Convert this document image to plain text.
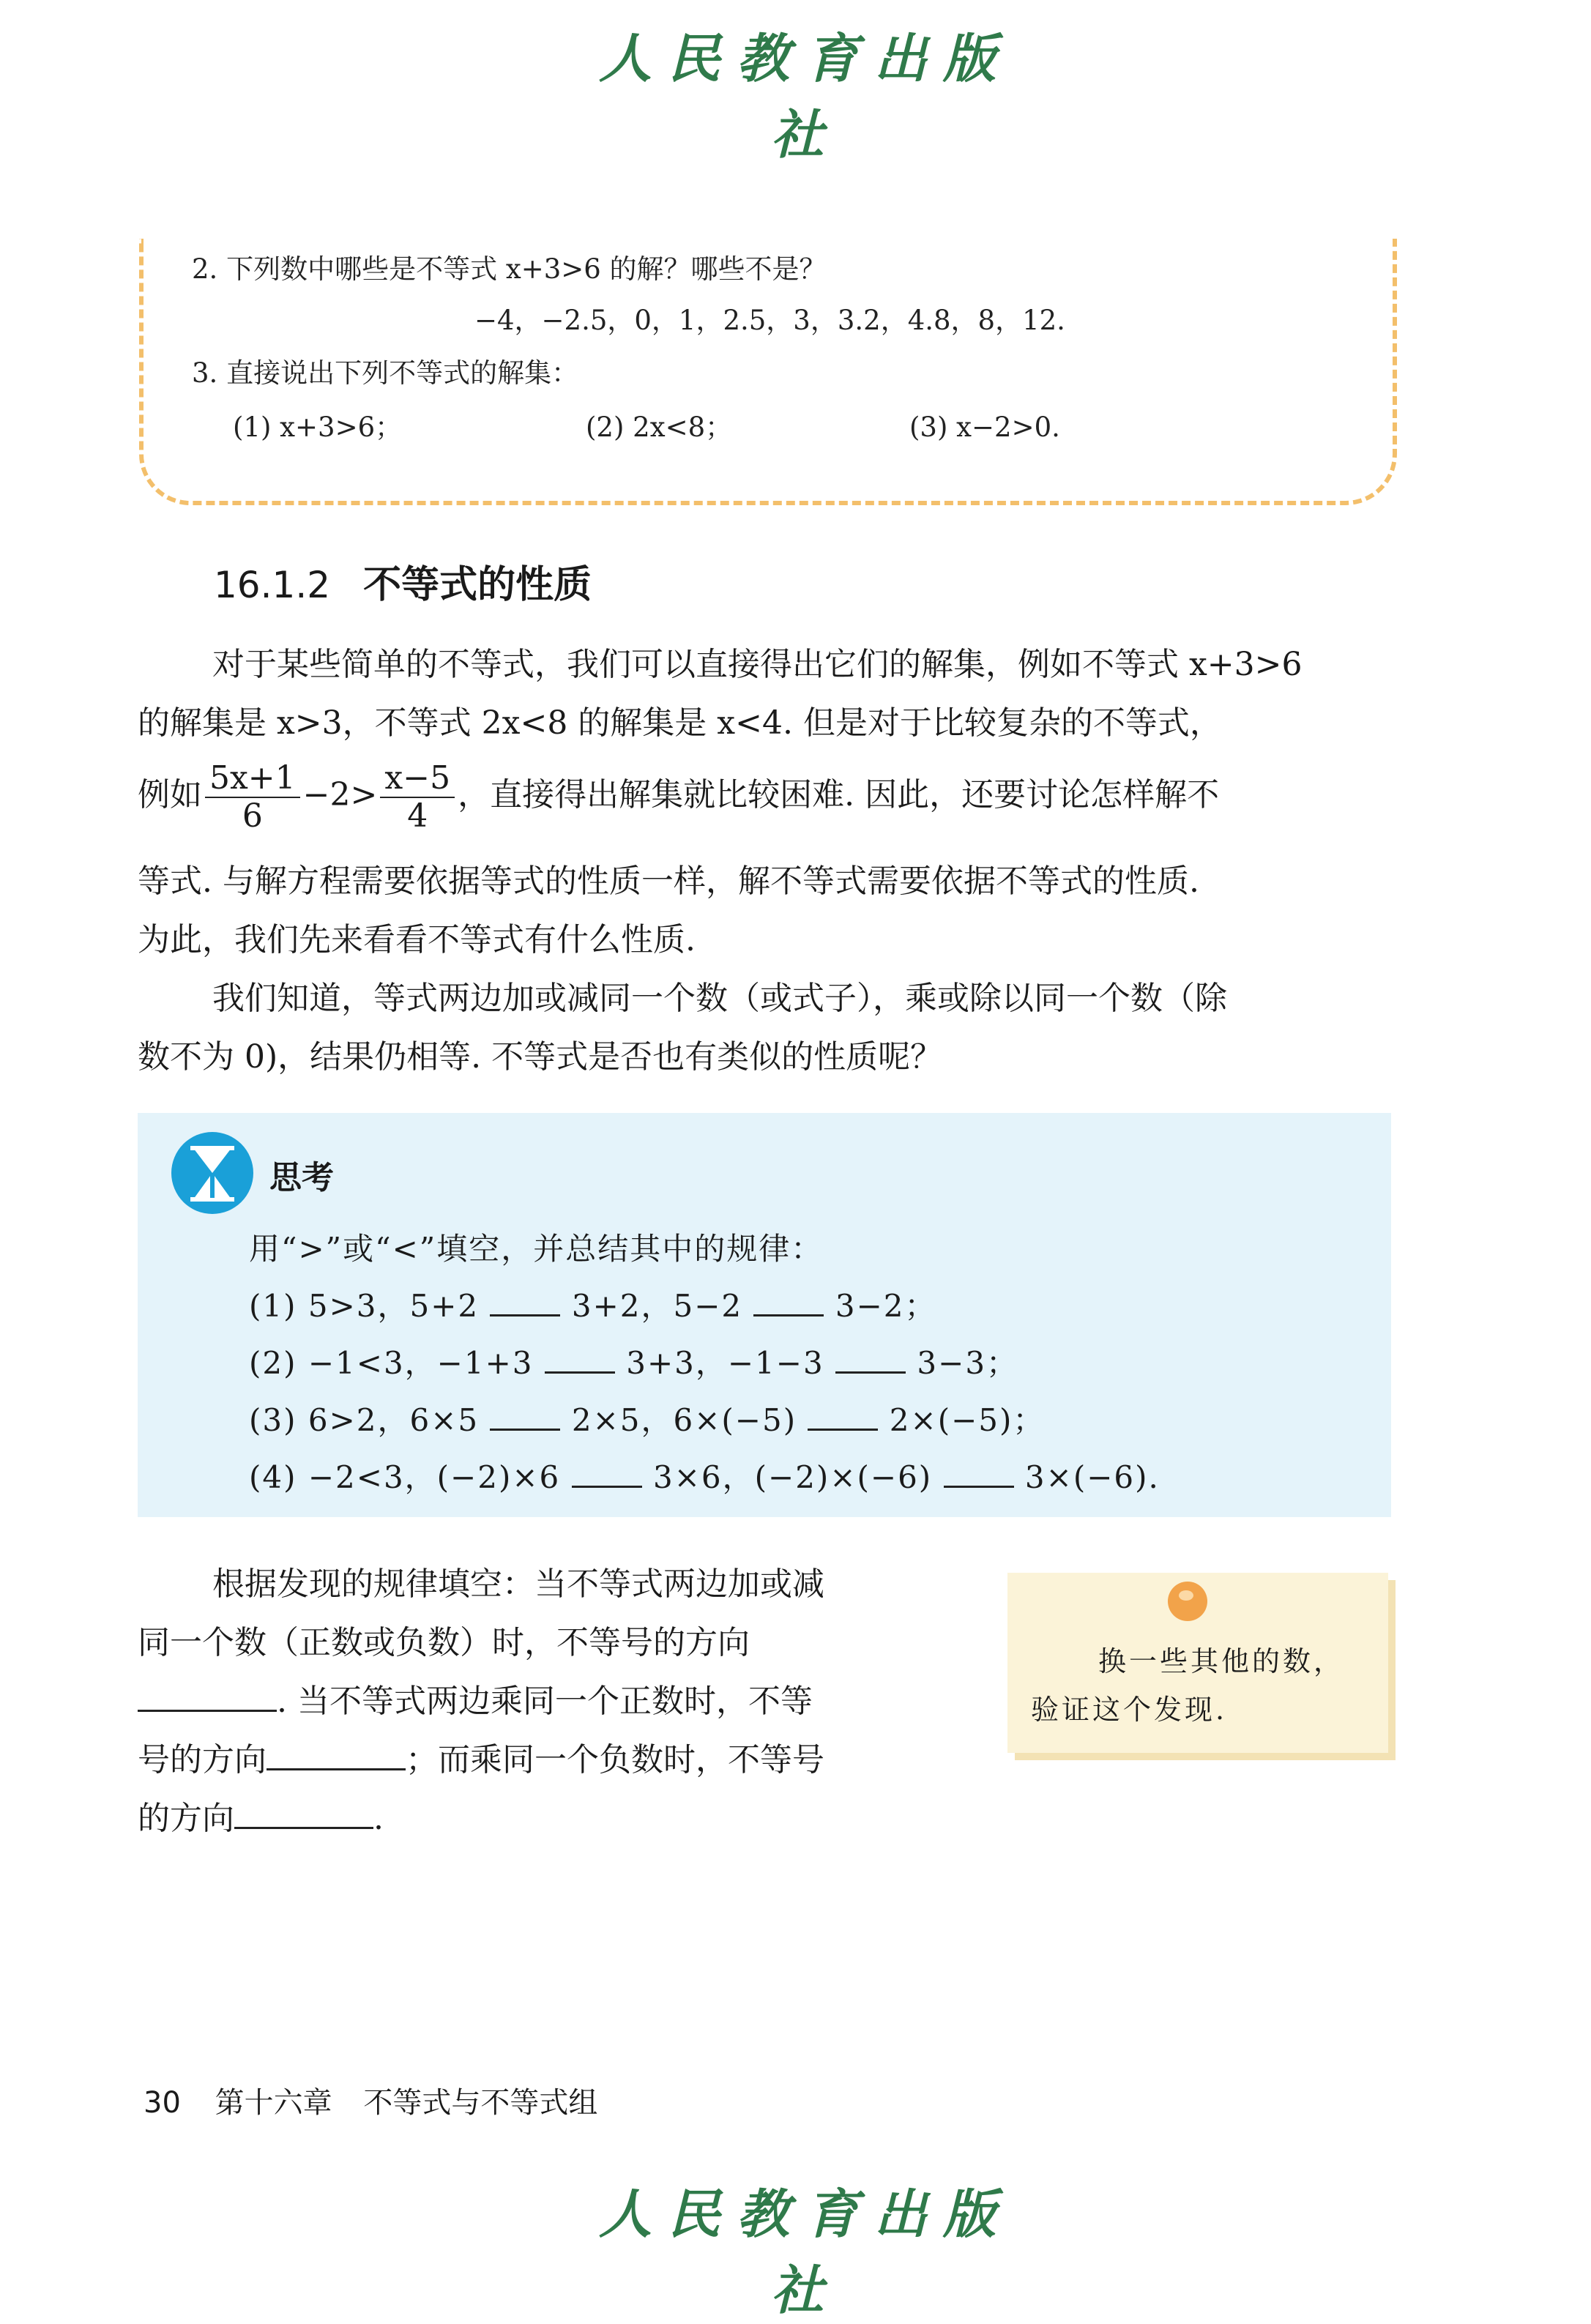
人民教育出版社
2. 下列数中哪些是不等式 x+3>6 的解？哪些不是？
−4，−2.5，0，1，2.5，3，3.2，4.8，8，12.
3. 直接说出下列不等式的解集：
(1) x+3>6；	(2) 2x<8；	(3) x−2>0.
16.1.2 不等式的性质
对于某些简单的不等式，我们可以直接得出它们的解集，例如不等式 x+3>6
的解集是 x>3，不等式 2x<8 的解集是 x<4. 但是对于比较复杂的不等式，
例如 $\frac{5x+1}{6} -2> \frac{x-5}{4}$ ，直接得出解集就比较困难. 因此，还要讨论怎样解不
等式. 与解方程需要依据等式的性质一样，解不等式需要依据不等式的性质.
为此，我们先来看看不等式有什么性质.
我们知道，等式两边加或减同一个数（或式子），乘或除以同一个数（除
数不为 0)，结果仍相等. 不等式是否也有类似的性质呢？
思考
用“>”或“<”填空，并总结其中的规律：
(1) 5>3，5+2	3+2，5−2	3−2；
(2) −1<3，−1+3	3+3，−1−3	3−3；
(3) 6>2，6×5	2×5，6×(−5)	2×(−5)；
(4) −2<3，(−2)×6	3×6，(−2)×(−6)	3×(−6).
根据发现的规律填空：当不等式两边加或减
同一个数（正数或负数）时，不等号的方向
. 当不等式两边乘同一个正数时，不等
号的方向	；而乘同一个负数时，不等号
的方向	.
换一些其他的数，
验证这个发现.
30 第十六章 不等式与不等式组
人民教育出版社
